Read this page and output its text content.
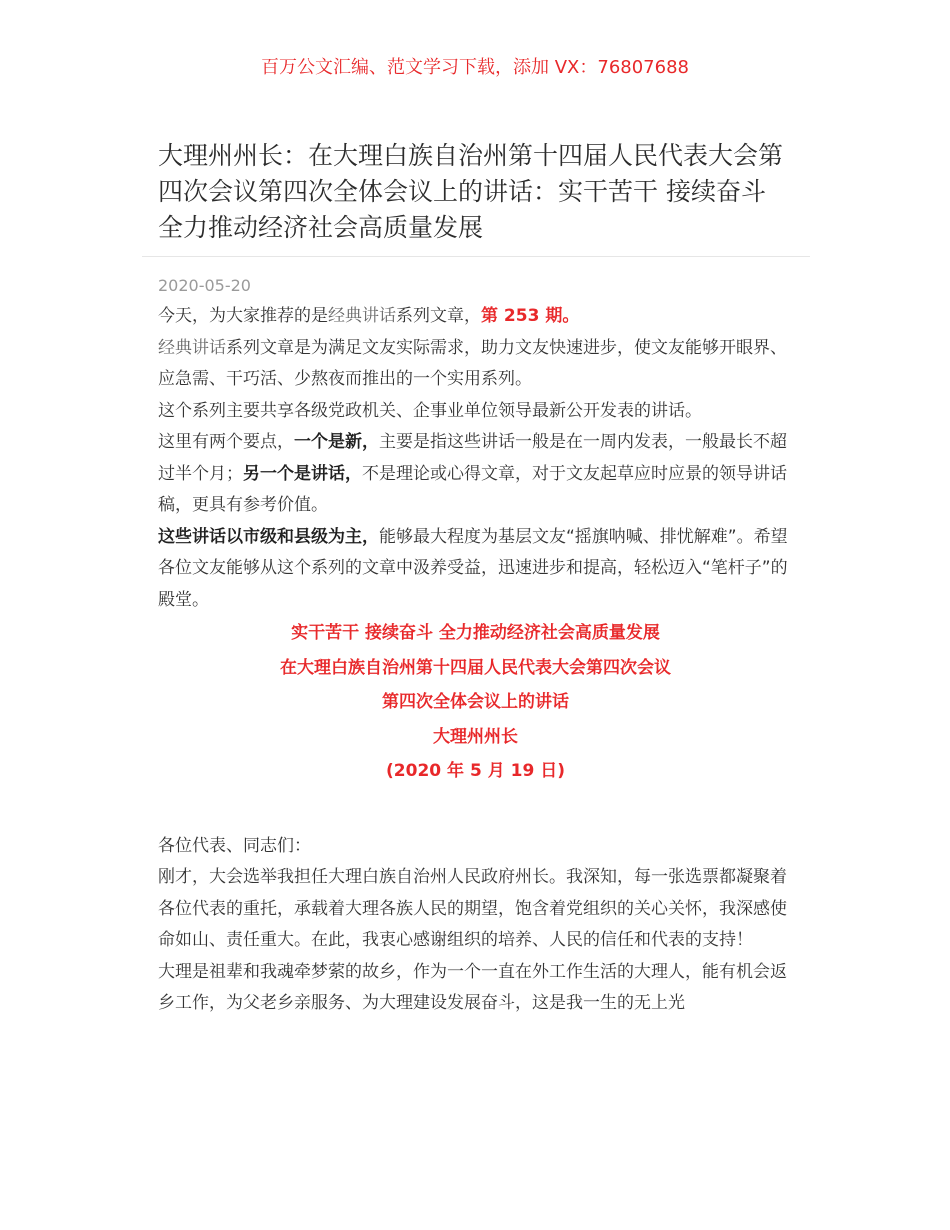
百万公文汇编、范文学习下载，添加 VX：76807688
大理州州长：在大理白族自治州第十四届人民代表大会第四次会议第四次全体会议上的讲话：实干苦干 接续奋斗 全力推动经济社会高质量发展
2020-05-20

今天，为大家推荐的是经典讲话系列文章，第 253 期。

经典讲话系列文章是为满足文友实际需求，助力文友快速进步，使文友能够开眼界、应急需、干巧活、少熬夜而推出的一个实用系列。

这个系列主要共享各级党政机关、企事业单位领导最新公开发表的讲话。

这里有两个要点，一个是新，主要是指这些讲话一般是在一周内发表，一般最长不超过半个月；另一个是讲话，不是理论或心得文章，对于文友起草应时应景的领导讲话稿，更具有参考价值。

这些讲话以市级和县级为主，能够最大程度为基层文友“摇旗呐喊、排忧解难”。希望各位文友能够从这个系列的文章中汲养受益，迅速进步和提高，轻松迈入“笔杆子”的殿堂。

实干苦干 接续奋斗 全力推动经济社会高质量发展
在大理白族自治州第十四届人民代表大会第四次会议
第四次全体会议上的讲话
大理州州长
(2020 年 5 月 19 日)

各位代表、同志们：

刚才，大会选举我担任大理白族自治州人民政府州长。我深知，每一张选票都凝聚着各位代表的重托，承载着大理各族人民的期望，饱含着党组织的关心关怀，我深感使命如山、责任重大。在此，我衷心感谢组织的培养、人民的信任和代表的支持！

大理是祖辈和我魂牵梦萦的故乡，作为一个一直在外工作生活的大理人，能有机会返乡工作，为父老乡亲服务、为大理建设发展奋斗，这是我一生的无上光
